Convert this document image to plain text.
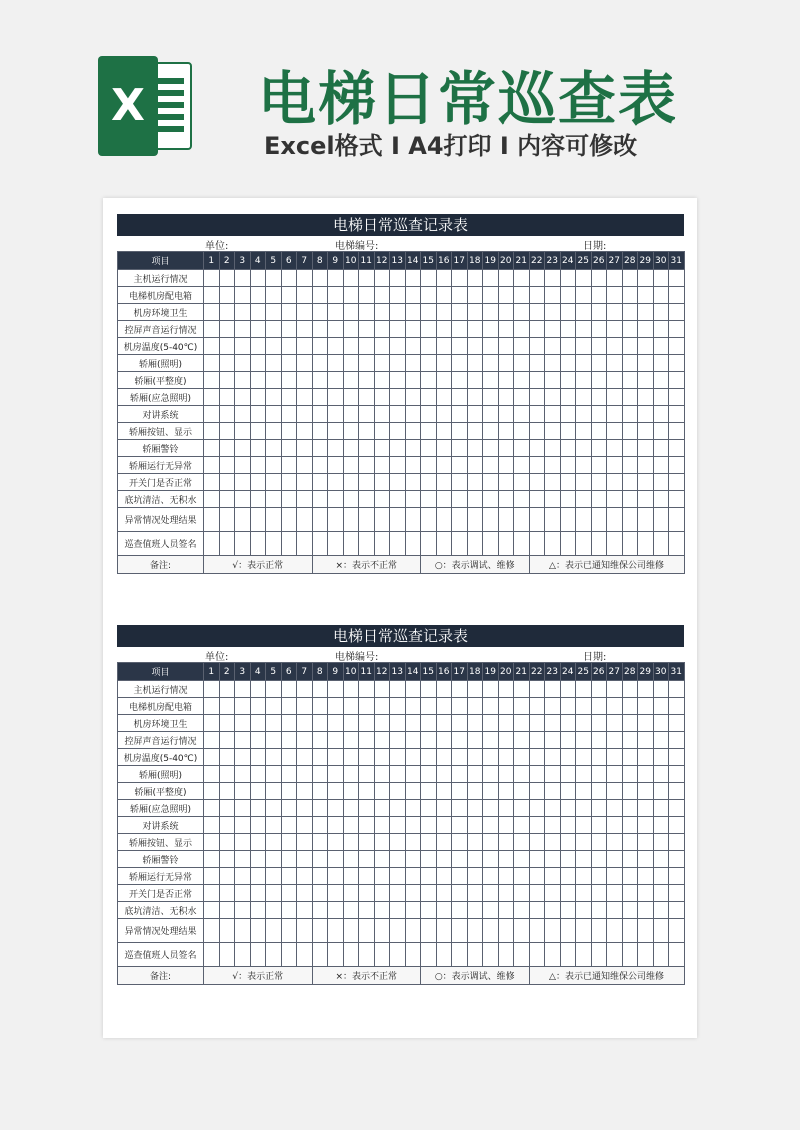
X 电梯日常巡查表
Excel格式 I A4打印 I 内容可修改
电梯日常巡查记录表
单位:	电梯编号:	日期:
项目	1	2	3	4	5	6	7	8	9	10	11	12	13	14	15	16	17	18	19	20	21	22	23	24	25	26	27	28	29	30	31
主机运行情况																															
电梯机房配电箱																															
机房环境卫生																															
控屏声音运行情况																															
机房温度(5-40℃)																															
轿厢(照明)																															
轿厢(平整度)																															
轿厢(应急照明)																															
对讲系统																															
轿厢按钮、显示																															
轿厢警铃																															
轿厢运行无异常																															
开关门是否正常																															
底坑清洁、无积水																															
异常情况处理结果																															
巡查值班人员签名																															
备注:	√：表示正常							×：表示不正常							○：表示调试、维修							△：表示已通知维保公司维修									
电梯日常巡查记录表
单位:	电梯编号:	日期:
项目	1	2	3	4	5	6	7	8	9	10	11	12	13	14	15	16	17	18	19	20	21	22	23	24	25	26	27	28	29	30	31
主机运行情况																															
电梯机房配电箱																															
机房环境卫生																															
控屏声音运行情况																															
机房温度(5-40℃)																															
轿厢(照明)																															
轿厢(平整度)																															
轿厢(应急照明)																															
对讲系统																															
轿厢按钮、显示																															
轿厢警铃																															
轿厢运行无异常																															
开关门是否正常																															
底坑清洁、无积水																															
异常情况处理结果																															
巡查值班人员签名																															
备注:	√：表示正常							×：表示不正常							○：表示调试、维修							△：表示已通知维保公司维修									
